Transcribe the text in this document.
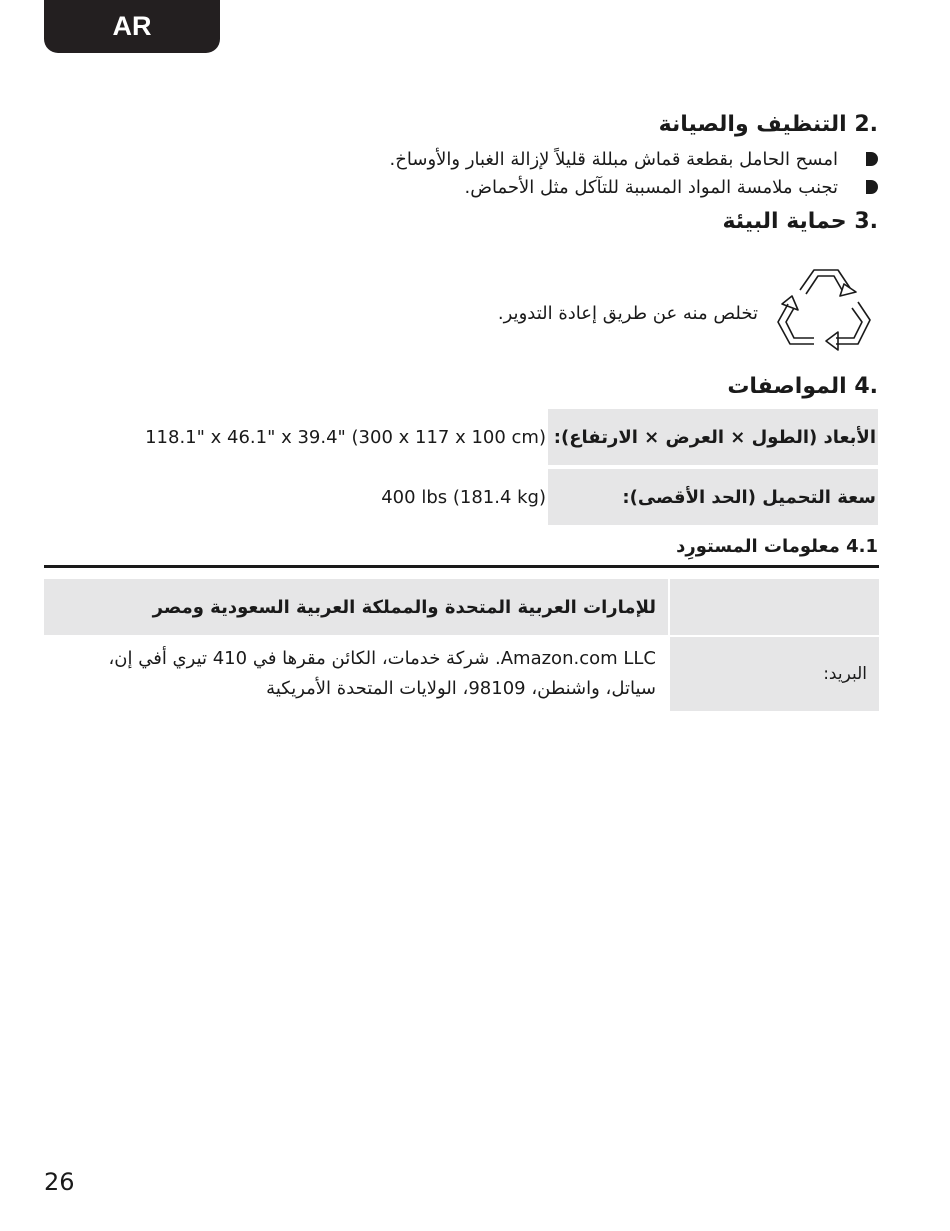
AR
.2 التنظيف والصيانة
امسح الحامل بقطعة قماش مبللة قليلاً لإزالة الغبار والأوساخ.
تجنب ملامسة المواد المسببة للتآكل مثل الأحماض.
.3 حماية البيئة
تخلص منه عن طريق إعادة التدوير.
.4 المواصفات
118.1" x 46.1" x 39.4" (300 x 117 x 100 cm) الأبعاد (الطول × العرض × الارتفاع):
400 lbs (181.4 kg)	سعة التحميل (الحد الأقصى):
4.1 معلومات المستورِد
للإمارات العربية المتحدة والمملكة العربية السعودية ومصر
Amazon.com LLC. شركة خدمات، الكائن مقرها في 410 تيري أفي إن،
سياتل، واشنطن، 98109، الولايات المتحدة الأمريكية
البريد:
26
